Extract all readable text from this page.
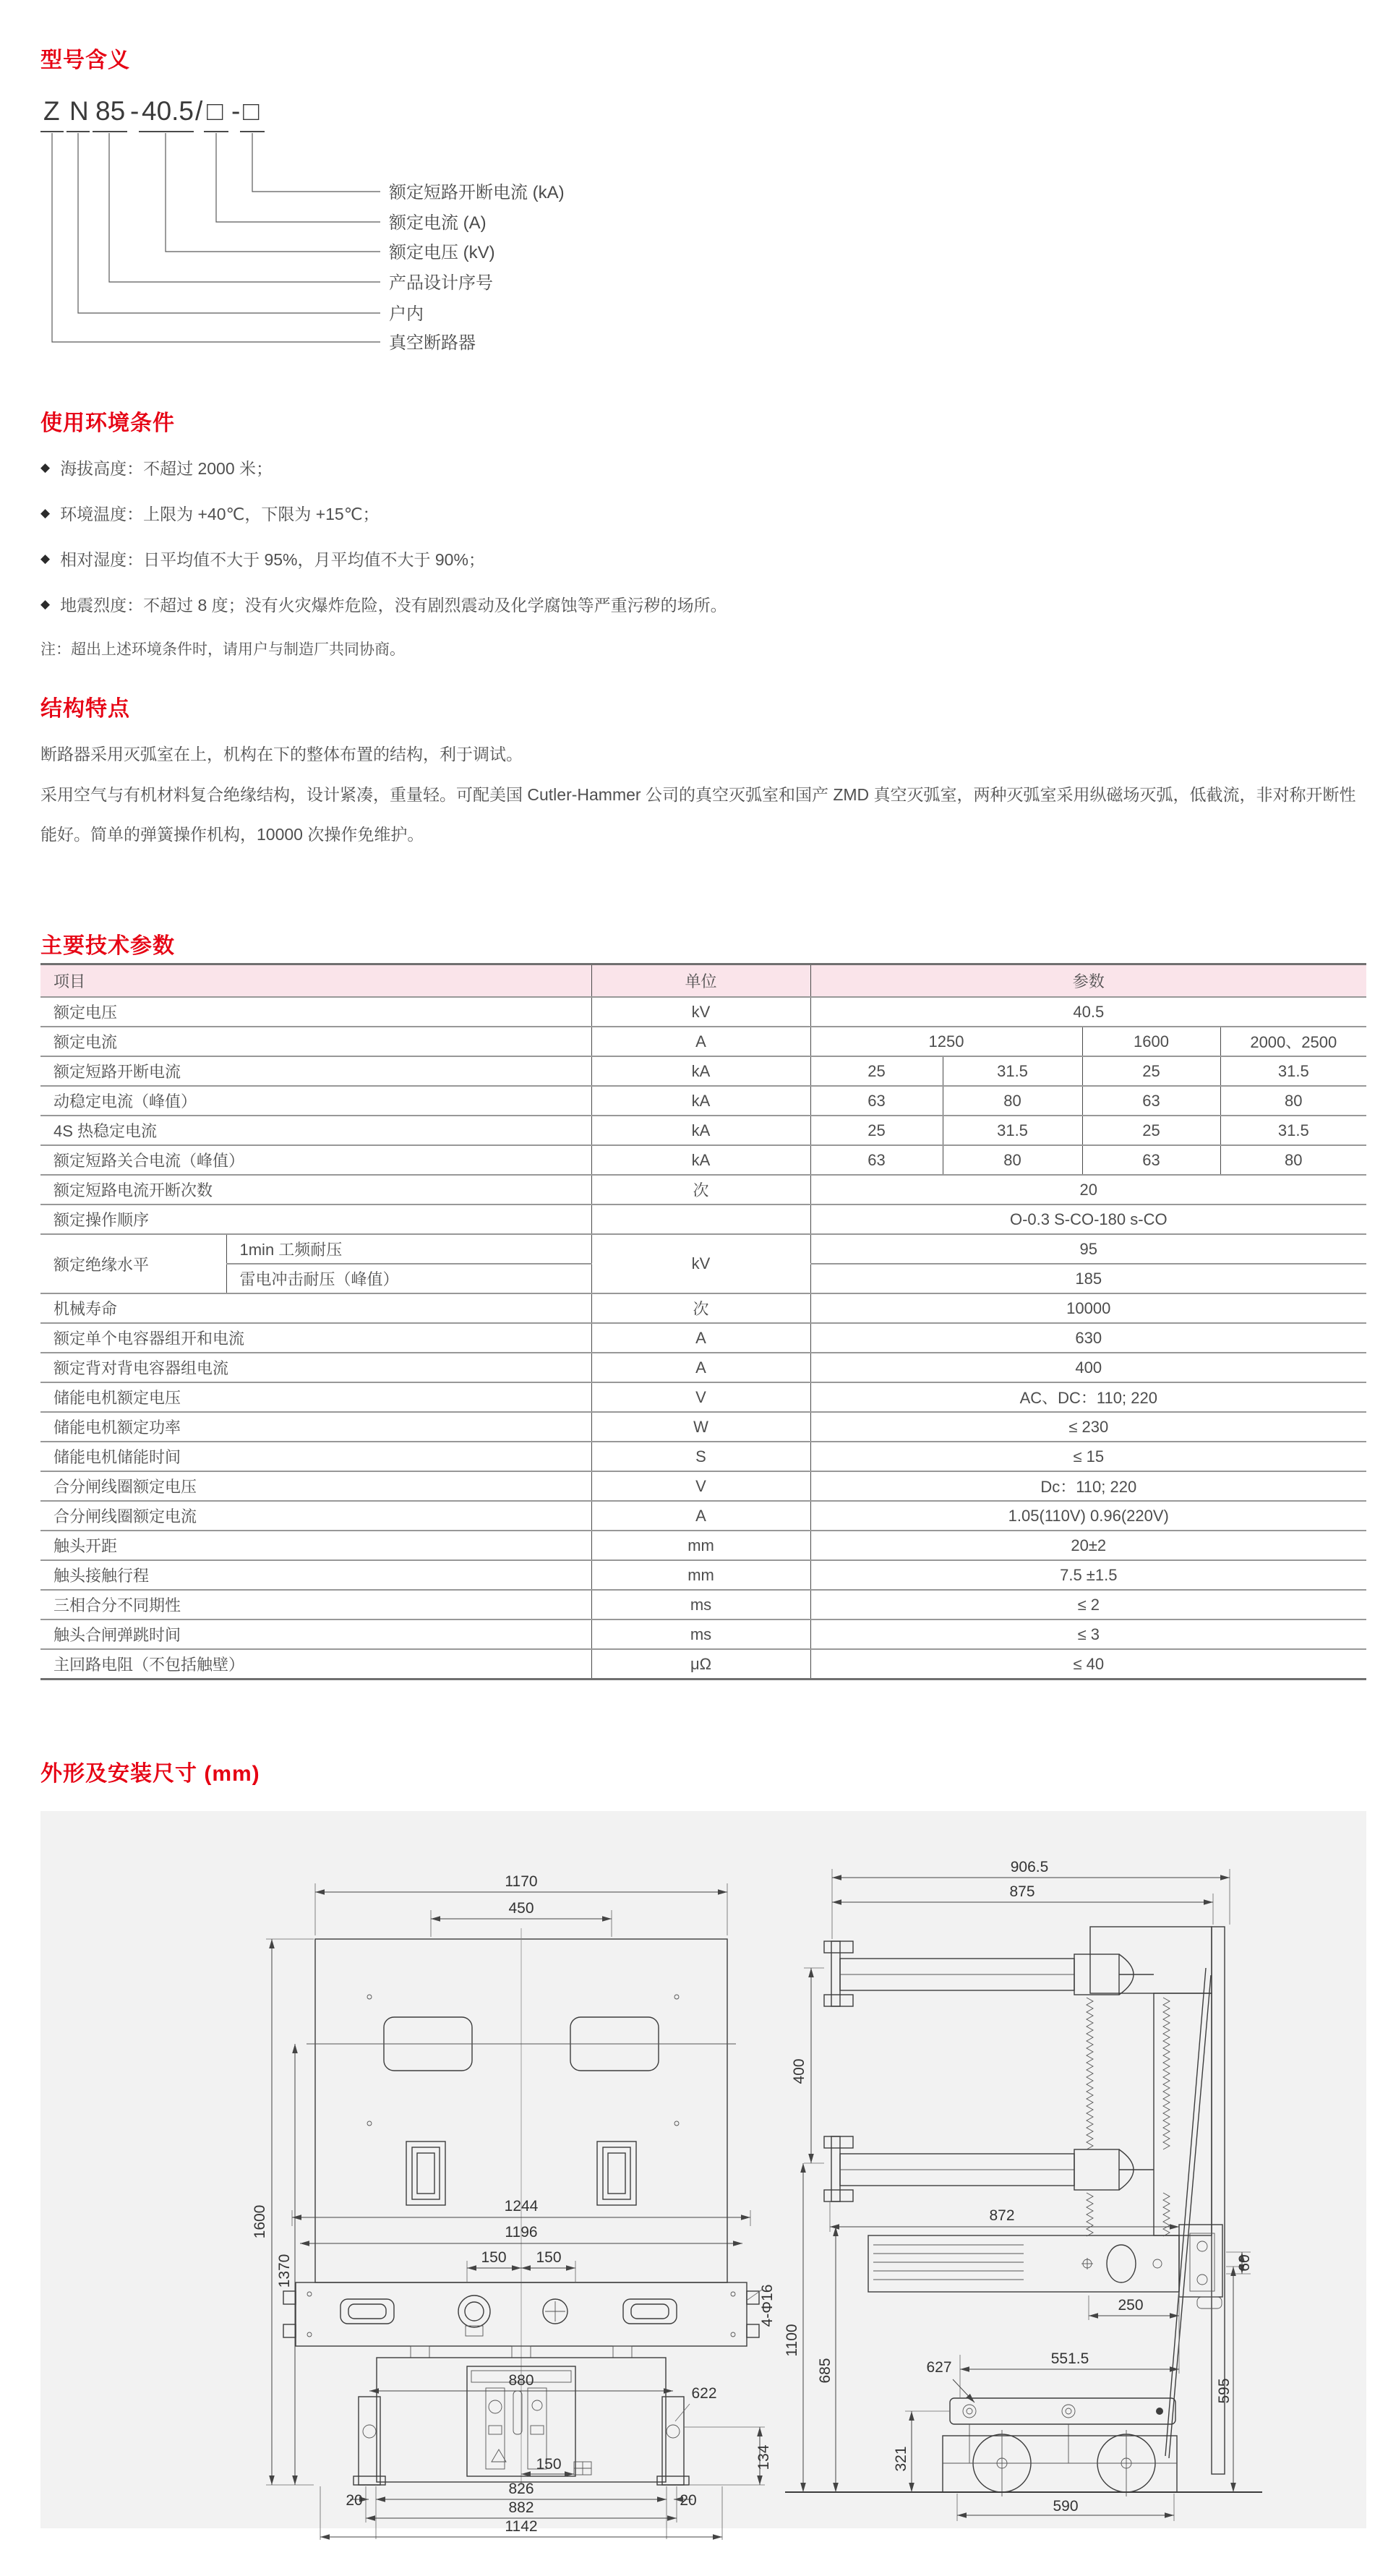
型号含义
Z N 85 - 40.5 / □ - □
额定短路开断电流 (kA)
额定电流 (A)
额定电压 (kV)
产品设计序号
户内
真空断路器
使用环境条件
◆ 海拔高度：不超过 2000 米；
◆ 环境温度：上限为 +40℃，下限为 +15℃；
◆ 相对湿度：日平均值不大于 95%，月平均值不大于 90%；
◆ 地震烈度：不超过 8 度；没有火灾爆炸危险，没有剧烈震动及化学腐蚀等严重污秽的场所。
注：超出上述环境条件时，请用户与制造厂共同协商。
结构特点

断路器采用灭弧室在上，机构在下的整体布置的结构，利于调试。

采用空气与有机材料复合绝缘结构，设计紧凑，重量轻。可配美国 Cutler-Hammer 公司的真空灭弧室和国产 ZMD 真空灭弧室，两种灭弧室采用纵磁场灭弧，低截流，非对称开断性能好。简单的弹簧操作机构，10000 次操作免维护。

主要技术参数
项目		单位	参数			
额定电压		kV	40.5			
额定电流		A	1250		1600	2000、2500
额定短路开断电流		kA	25	31.5	25	31.5
动稳定电流（峰值）		kA	63	80	63	80
4S 热稳定电流		kA	25	31.5	25	31.5
额定短路关合电流（峰值）		kA	63	80	63	80
额定短路电流开断次数		次	20			
额定操作顺序			O-0.3 S-CO-180 s-CO			
额定绝缘水平	1min 工频耐压	kV	95			
	雷电冲击耐压（峰值）		185			
机械寿命		次	10000			
额定单个电容器组开和电流		A	630			
额定背对背电容器组电流		A	400			
储能电机额定电压		V	AC、DC：110; 220			
储能电机额定功率		W	≤ 230			
储能电机储能时间		S	≤ 15			
合分闸线圈额定电压		V	Dc：110; 220			
合分闸线圈额定电流		A	1.05(110V) 0.96(220V)			
触头开距		mm	20±2			
触头接触行程		mm	7.5 ±1.5			
三相合分不同期性		ms	≤ 2			
触头合闸弹跳时间		ms	≤ 3			
主回路电阻（不包括触壁）		μΩ	≤ 40			
外形及安装尺寸 (mm)
1170
450
1600
1370
1244
1196
150 150
4-Φ16
880
622
134
150
20
826
20
882
1142
906.5
875
400
872
1100
685
60
250
627
551.5
321
595
590
